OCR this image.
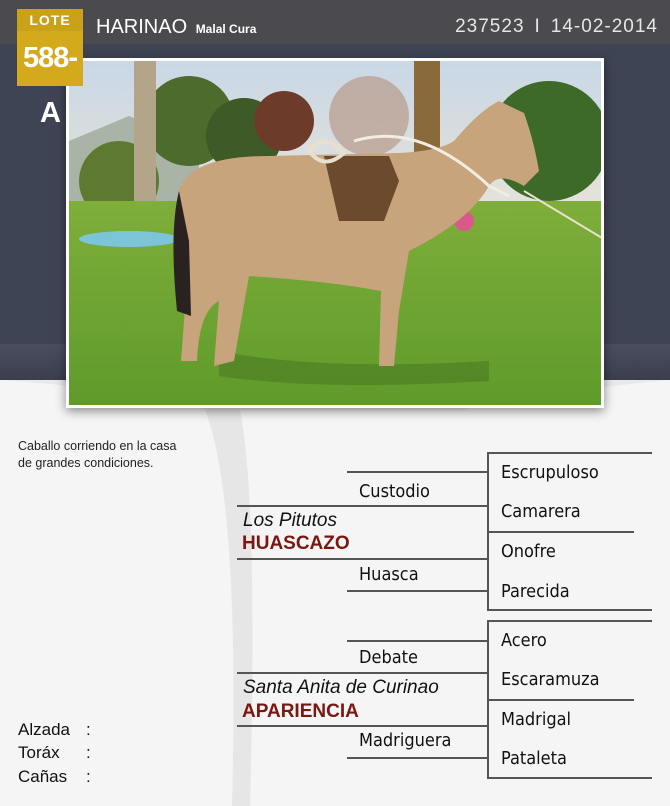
LOTE
588-A
HARINAO Malal Cura	237523 I 14-02-2014
Caballo corriendo en la casa
de grandes condiciones.
Alzada :
Toráx :
Cañas :
Custodio
Los Pitutos
HUASCAZO
Huasca
Escrupuloso
Camarera
Onofre
Parecida
Debate
Santa Anita de Curinao
APARIENCIA
Madriguera
Acero
Escaramuza
Madrigal
Pataleta
